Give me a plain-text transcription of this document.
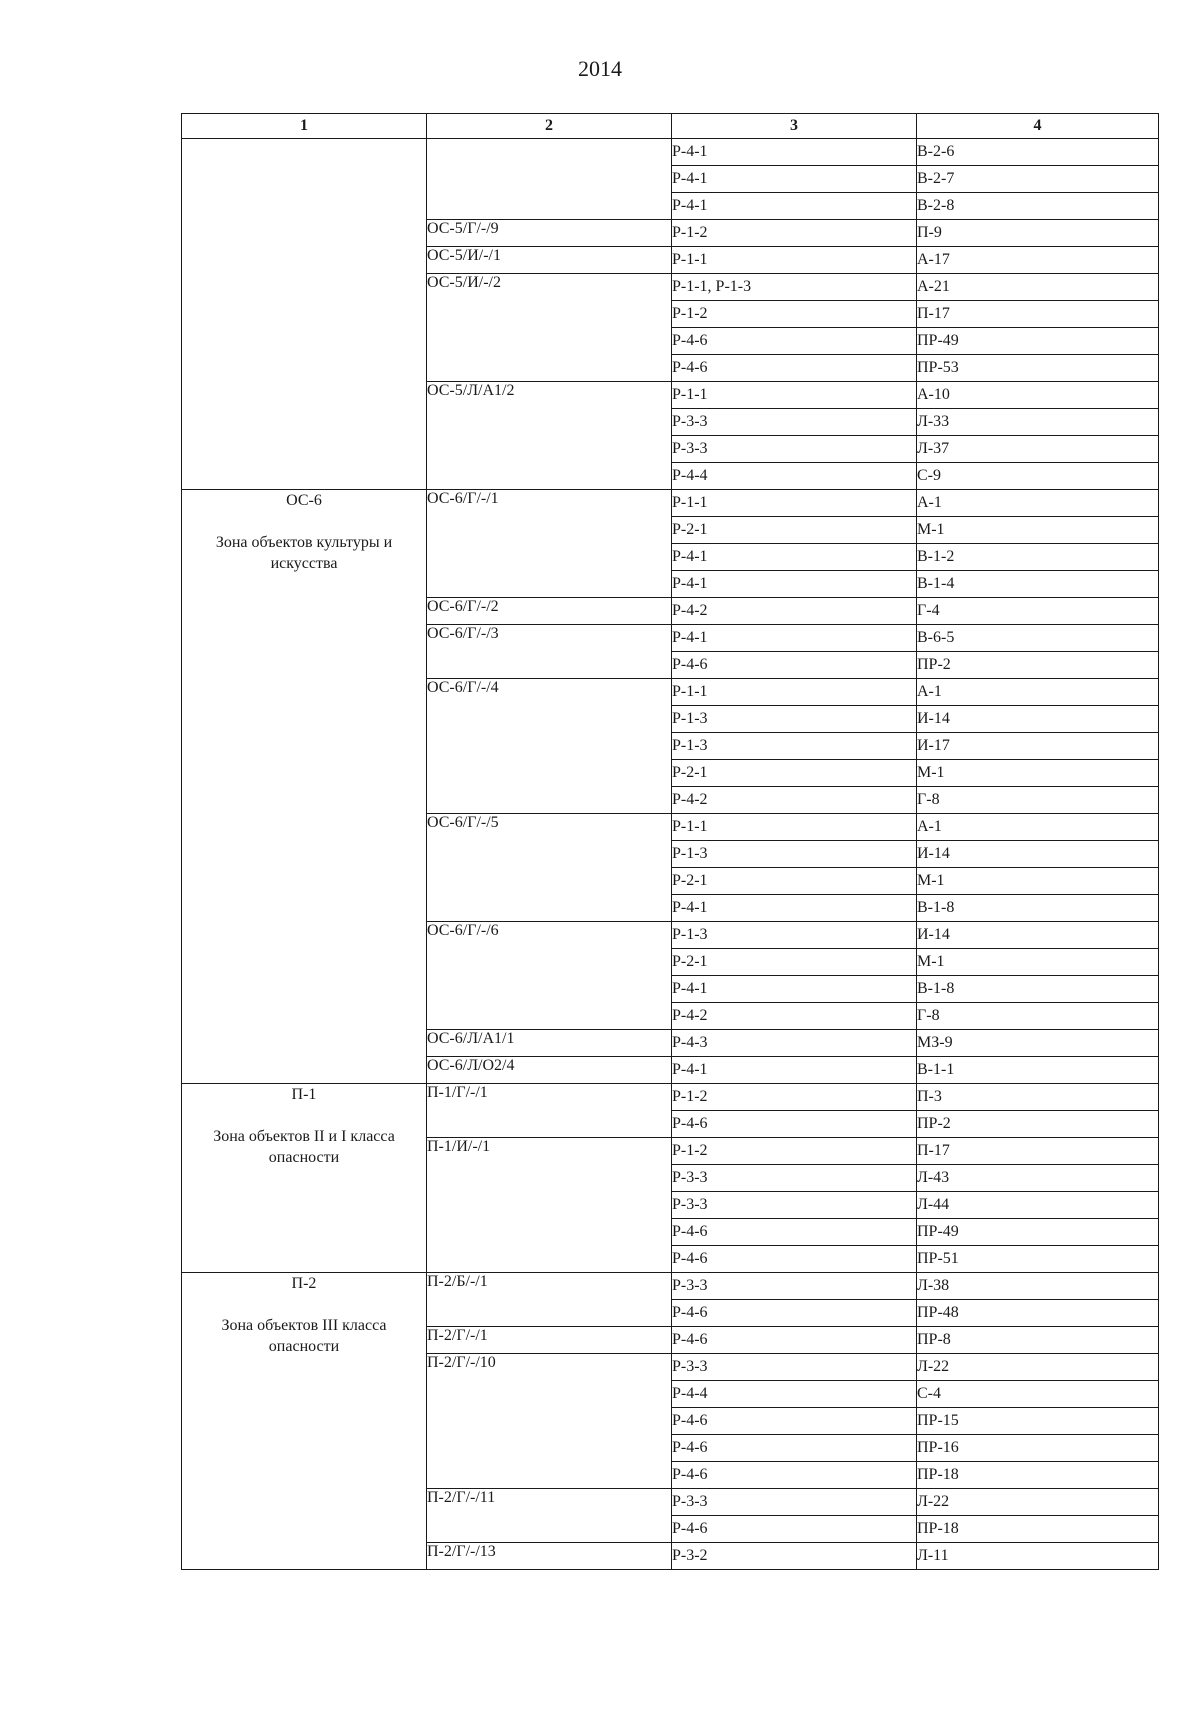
2014
1	2	3	4

		Р-4-1	В-2-6
		Р-4-1	В-2-7
		Р-4-1	В-2-8
	ОС-5/Г/-/9	Р-1-2	П-9
	ОС-5/И/-/1	Р-1-1	А-17
	ОС-5/И/-/2	Р-1-1, Р-1-3	А-21
		Р-1-2	П-17
		Р-4-6	ПР-49
		Р-4-6	ПР-53
	ОС-5/Л/А1/2	Р-1-1	А-10
		Р-3-3	Л-33
		Р-3-3	Л-37
		Р-4-4	С-9

ОС-6
Зона объектов культуры и искусства	ОС-6/Г/-/1	Р-1-1	А-1
		Р-2-1	М-1
		Р-4-1	В-1-2
		Р-4-1	В-1-4
	ОС-6/Г/-/2	Р-4-2	Г-4
	ОС-6/Г/-/3	Р-4-1	В-6-5
		Р-4-6	ПР-2
	ОС-6/Г/-/4	Р-1-1	А-1
		Р-1-3	И-14
		Р-1-3	И-17
		Р-2-1	М-1
		Р-4-2	Г-8
	ОС-6/Г/-/5	Р-1-1	А-1
		Р-1-3	И-14
		Р-2-1	М-1
		Р-4-1	В-1-8
	ОС-6/Г/-/6	Р-1-3	И-14
		Р-2-1	М-1
		Р-4-1	В-1-8
		Р-4-2	Г-8
	ОС-6/Л/А1/1	Р-4-3	МЗ-9
	ОС-6/Л/О2/4	Р-4-1	В-1-1

П-1
Зона объектов II и I класса опасности	П-1/Г/-/1	Р-1-2	П-3
		Р-4-6	ПР-2
	П-1/И/-/1	Р-1-2	П-17
		Р-3-3	Л-43
		Р-3-3	Л-44
		Р-4-6	ПР-49
		Р-4-6	ПР-51

П-2
Зона объектов III класса опасности	П-2/Б/-/1	Р-3-3	Л-38
		Р-4-6	ПР-48
	П-2/Г/-/1	Р-4-6	ПР-8
	П-2/Г/-/10	Р-3-3	Л-22
		Р-4-4	С-4
		Р-4-6	ПР-15
		Р-4-6	ПР-16
		Р-4-6	ПР-18
	П-2/Г/-/11	Р-3-3	Л-22
		Р-4-6	ПР-18
	П-2/Г/-/13	Р-3-2	Л-11
